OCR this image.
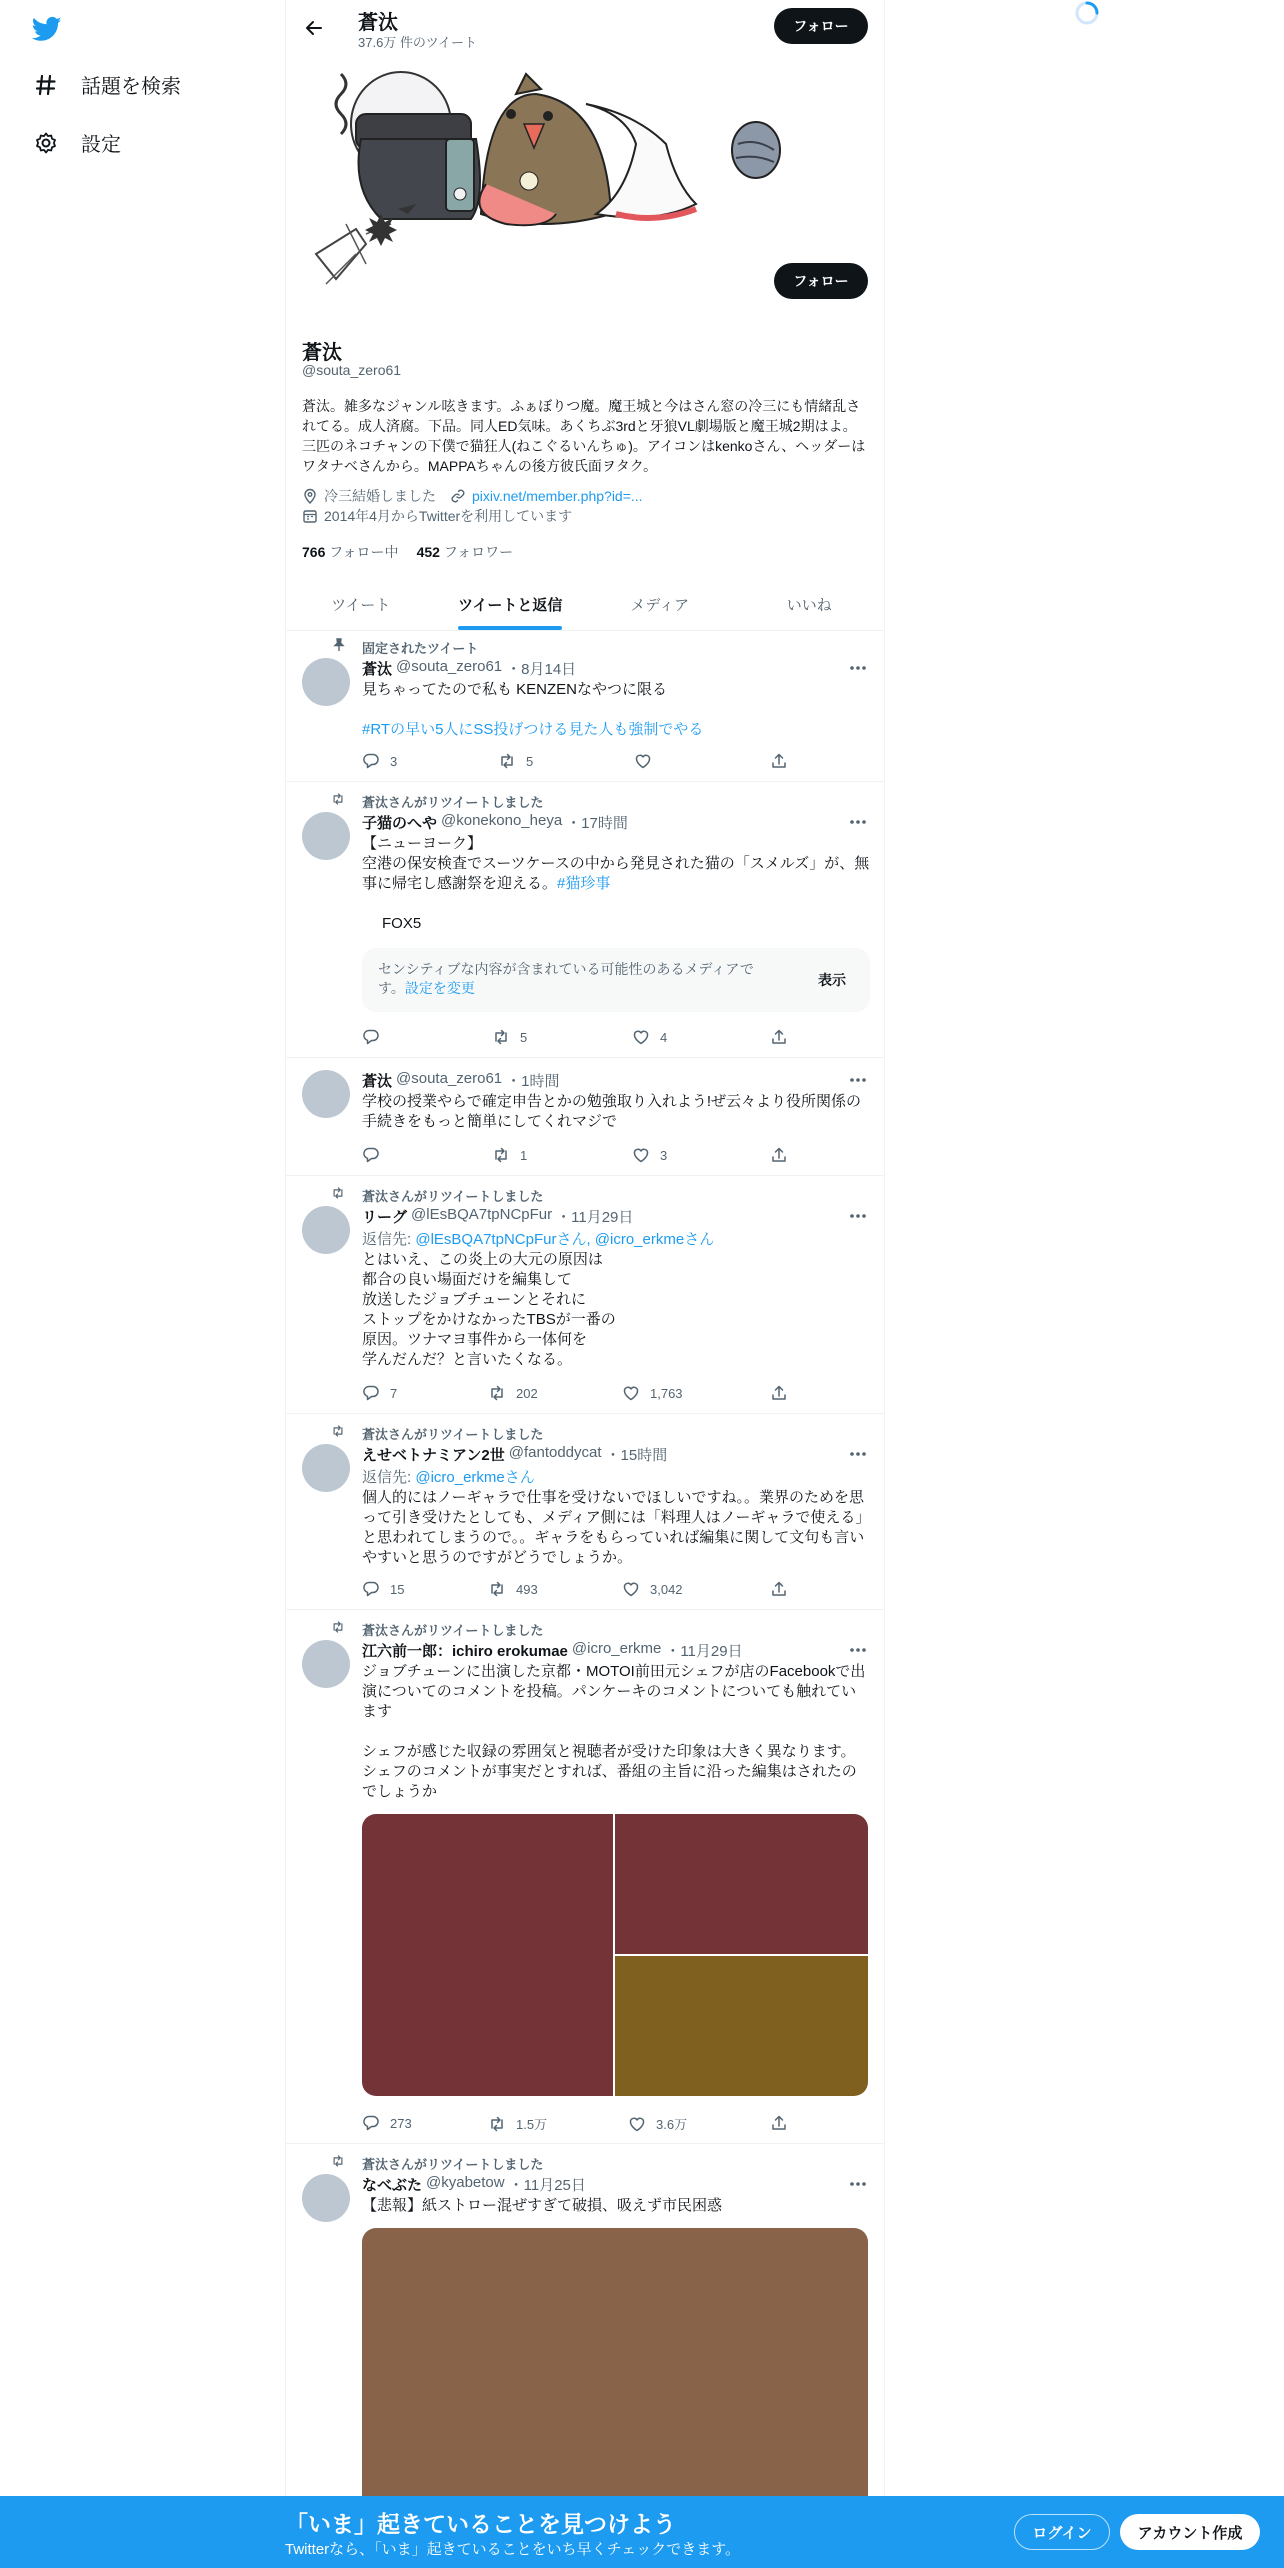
話題を検索
設定
蒼汰
37.6万 件のツイート
フォロー
フォロー
蒼汰
@souta_zero61
蒼汰。雑多なジャンル呟きます。ふぁぼりつ魔。魔王城と今はさん窓の冷三にも情緒乱されてる。成人済腐。下品。同人ED気味。あくちぶ3rdと牙狼VL劇場版と魔王城2期はよ。三匹のネコチャンの下僕で猫狂人(ねこぐるいんちゅ)。アイコンはkenkoさん、ヘッダーはワタナベさんから。MAPPAちゃんの後方彼氏面ヲタク。
冷三結婚しました	pixiv.net/member.php?id=...
2014年4月からTwitterを利用しています
766 フォロー中 452 フォロワー
ツイート	ツイートと返信	メディア	いいね
固定されたツイート
蒼汰 @souta_zero61 ・8月14日
見ちゃってたので私も KENZENなやつに限る
#RTの早い5人にSS投げつける見た人も強制でやる
3	5
蒼汰さんがリツイートしました
子猫のへや @konekono_heya ・17時間
【ニューヨーク】
空港の保安検査でスーツケースの中から発見された猫の「スメルズ」が、無事に帰宅し感謝祭を迎える。#猫珍事
FOX5
センシティブな内容が含まれている可能性のあるメディアです。設定を変更	表示
5	4
蒼汰 @souta_zero61 ・1時間
学校の授業やらで確定申告とかの勉強取り入れよう!ぜ云々より役所関係の手続きをもっと簡単にしてくれマジで
1	3
蒼汰さんがリツイートしました
リーグ @lEsBQA7tpNCpFur ・11月29日
返信先: @lEsBQA7tpNCpFurさん, @icro_erkmeさん
とはいえ、この炎上の大元の原因は
都合の良い場面だけを編集して
放送したジョブチューンとそれに
ストップをかけなかったTBSが一番の
原因。ツナマヨ事件から一体何を
学んだんだ？と言いたくなる。
7	202	1,763
蒼汰さんがリツイートしました
えせベトナミアン2世 @fantoddycat ・15時間
返信先: @icro_erkmeさん
個人的にはノーギャラで仕事を受けないでほしいですね。。業界のためを思って引き受けたとしても、メディア側には「料理人はノーギャラで使える」と思われてしまうので。。ギャラをもらっていれば編集に関して文句も言いやすいと思うのですがどうでしょうか。
15	493	3,042
蒼汰さんがリツイートしました
江六前一郎：ichiro erokumae @icro_erkme ・11月29日
ジョブチューンに出演した京都・MOTOI前田元シェフが店のFacebookで出演についてのコメントを投稿。パンケーキのコメントについても触れています

シェフが感じた収録の雰囲気と視聴者が受けた印象は大きく異なります。シェフのコメントが事実だとすれば、番組の主旨に沿った編集はされたのでしょうか
273	1.5万	3.6万
蒼汰さんがリツイートしました
なべぶた @kyabetow ・11月25日
【悲報】紙ストロー混ぜすぎて破損、吸えず市民困惑
「いま」起きていることを見つけよう
Twitterなら、「いま」起きていることをいち早くチェックできます。
ログイン	アカウント作成
